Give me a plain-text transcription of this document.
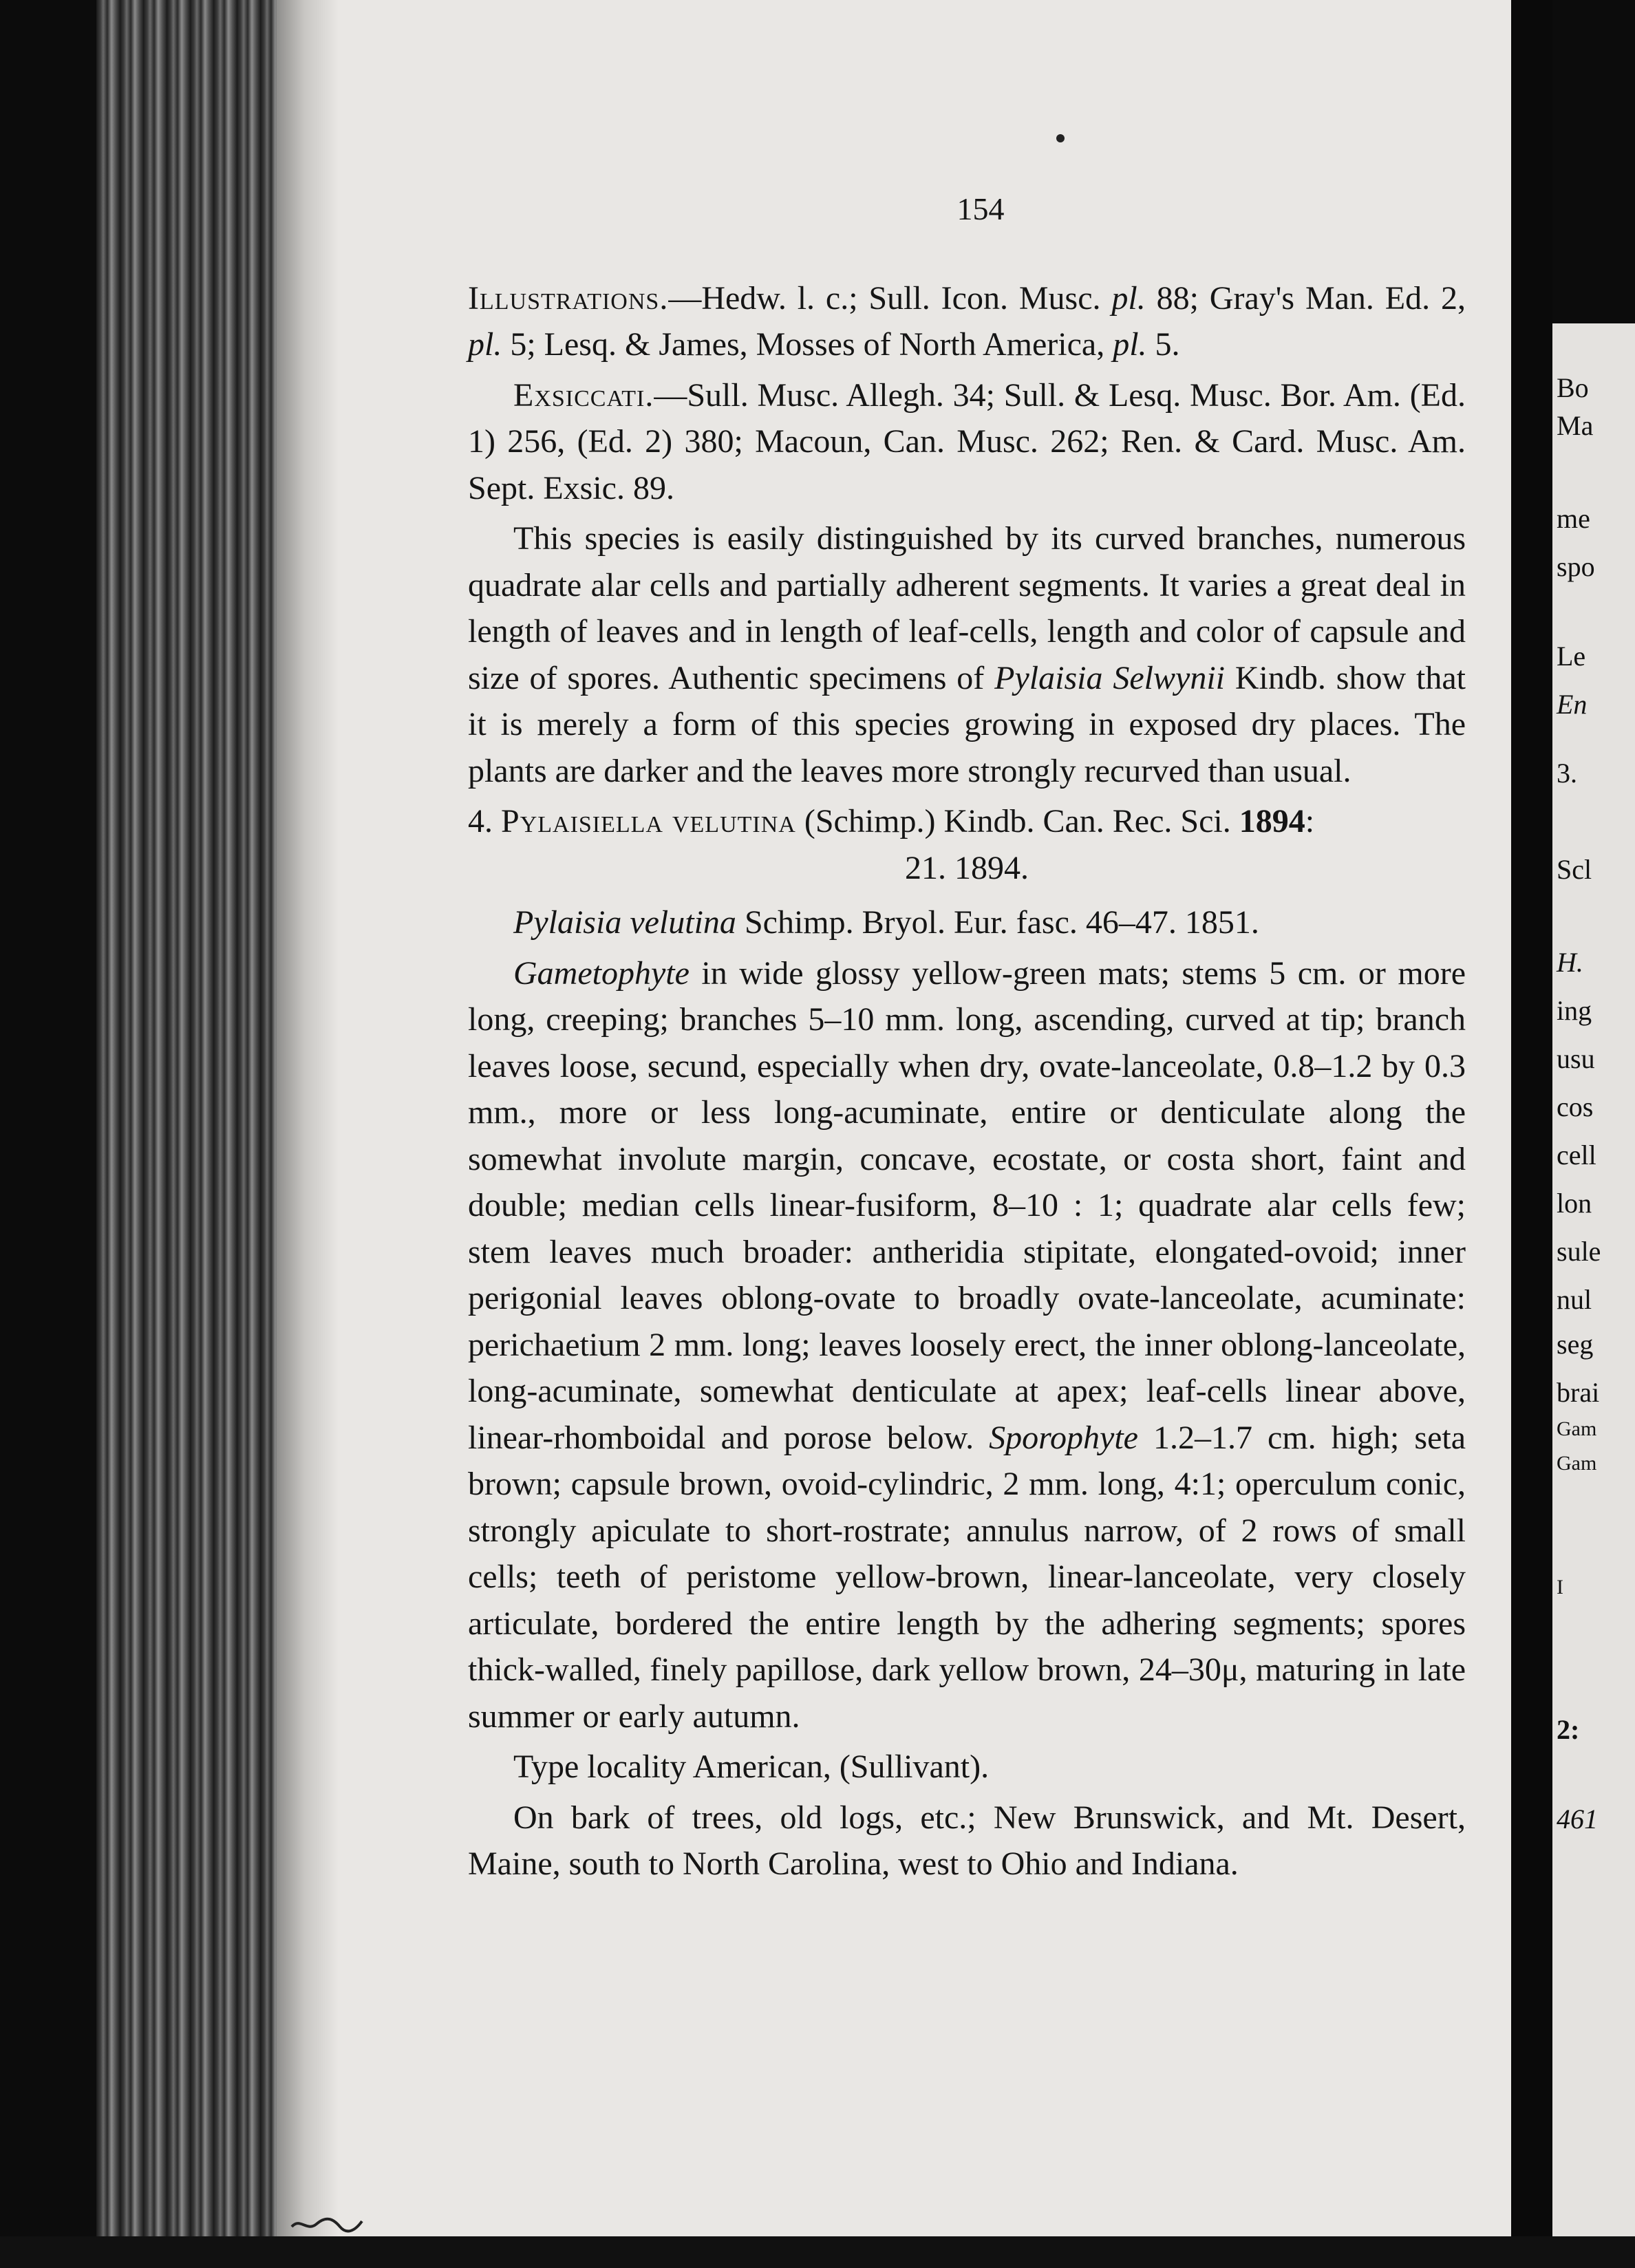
Bo
Ma
me
spo
Le
En
3.
Scl
H.
ing
usu
cos
cell
lon
sule
nul
seg
brai
Gam
Gam
I
2:
461
154

Illustrations.—Hedw. l. c.; Sull. Icon. Musc. pl. 88; Gray's Man. Ed. 2, pl. 5; Lesq. & James, Mosses of North America, pl. 5.

Exsiccati.—Sull. Musc. Allegh. 34; Sull. & Lesq. Musc. Bor. Am. (Ed. 1) 256, (Ed. 2) 380; Macoun, Can. Musc. 262; Ren. & Card. Musc. Am. Sept. Exsic. 89.

This species is easily distinguished by its curved branches, numerous quadrate alar cells and partially adherent segments. It varies a great deal in length of leaves and in length of leaf-cells, length and color of capsule and size of spores. Authentic specimens of Pylaisia Selwynii Kindb. show that it is merely a form of this species growing in exposed dry places. The plants are darker and the leaves more strongly recurved than usual.

4. Pylaisiella velutina (Schimp.) Kindb. Can. Rec. Sci. 1894:
21. 1894.

Pylaisia velutina Schimp. Bryol. Eur. fasc. 46–47. 1851.

Gametophyte in wide glossy yellow-green mats; stems 5 cm. or more long, creeping; branches 5–10 mm. long, ascending, curved at tip; branch leaves loose, secund, especially when dry, ovate-lanceolate, 0.8–1.2 by 0.3 mm., more or less long-acuminate, entire or denticulate along the somewhat involute margin, concave, ecostate, or costa short, faint and double; median cells linear-fusiform, 8–10 : 1; quadrate alar cells few; stem leaves much broader: antheridia stipitate, elongated-ovoid; inner perigonial leaves oblong-ovate to broadly ovate-lanceolate, acuminate: perichaetium 2 mm. long; leaves loosely erect, the inner oblong-lanceolate, long-acuminate, somewhat denticulate at apex; leaf-cells linear above, linear-rhomboidal and porose below. Sporophyte 1.2–1.7 cm. high; seta brown; capsule brown, ovoid-cylindric, 2 mm. long, 4:1; operculum conic, strongly apiculate to short-rostrate; annulus narrow, of 2 rows of small cells; teeth of peristome yellow-brown, linear-lanceolate, very closely articulate, bordered the entire length by the adhering segments; spores thick-walled, finely papillose, dark yellow brown, 24–30μ, maturing in late summer or early autumn.

Type locality American, (Sullivant).

On bark of trees, old logs, etc.; New Brunswick, and Mt. Desert, Maine, south to North Carolina, west to Ohio and Indiana.
